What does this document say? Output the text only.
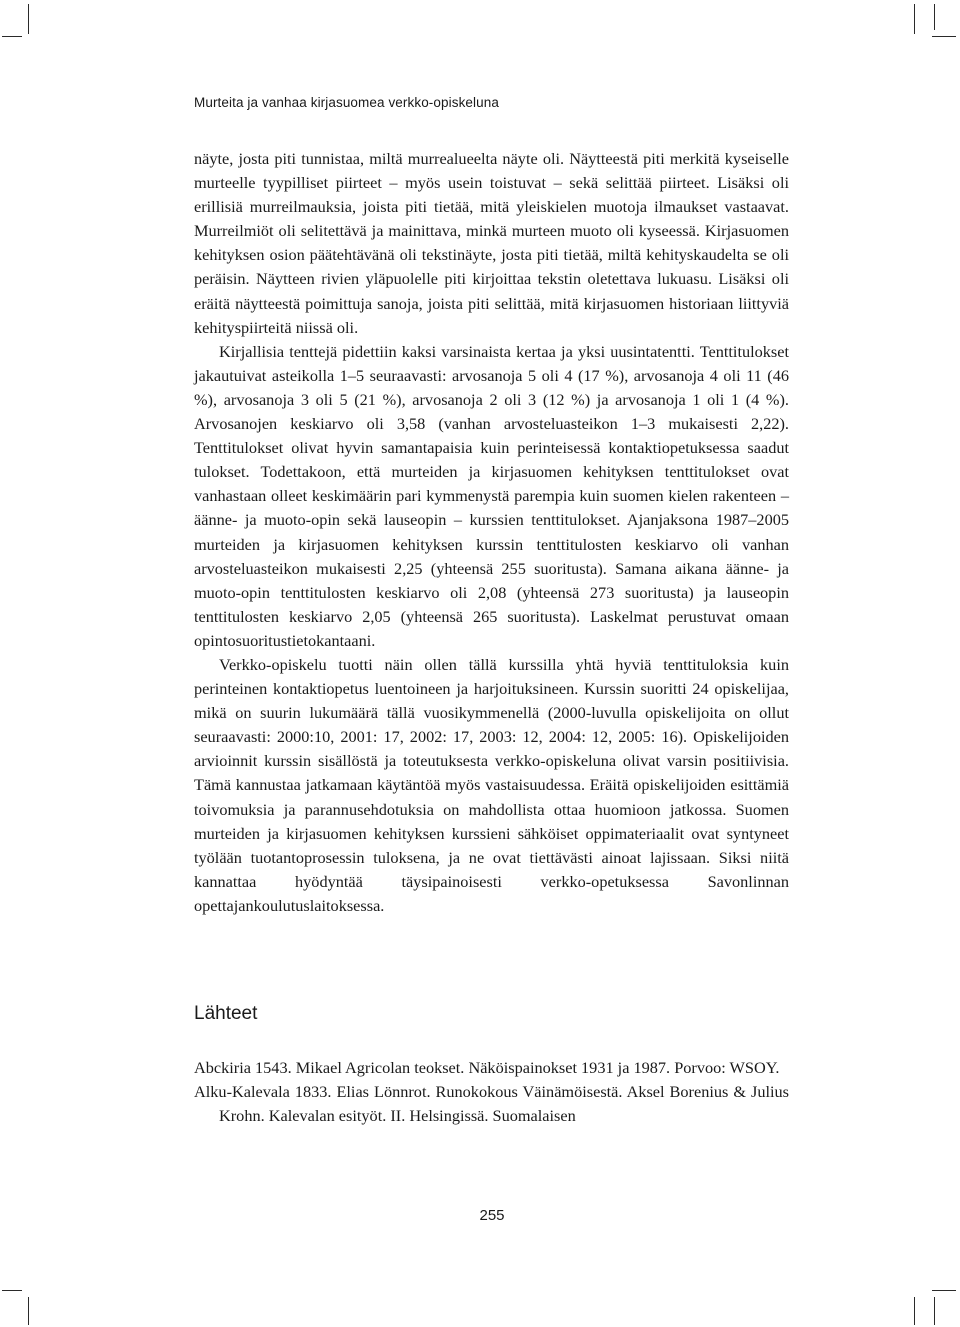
Murteita ja vanhaa kirjasuomea verkko-opiskeluna

näyte, josta piti tunnistaa, miltä murrealueelta näyte oli. Näytteestä piti merkitä kyseiselle murteelle tyypilliset piirteet – myös usein toistuvat – sekä selittää piirteet. Lisäksi oli erillisiä murreilmauksia, joista piti tietää, mitä yleiskielen muotoja ilmaukset vastaavat. Murreilmiöt oli selitettävä ja mainittava, minkä murteen muoto oli kyseessä. Kirjasuomen kehityksen osion päätehtävänä oli tekstinäyte, josta piti tietää, miltä kehityskaudelta se oli peräisin. Näytteen rivien yläpuolelle piti kirjoittaa tekstin oletettava lukuasu. Lisäksi oli eräitä näytteestä poimittuja sanoja, joista piti selittää, mitä kirjasuomen historiaan liittyviä kehityspiirteitä niissä oli.

Kirjallisia tenttejä pidettiin kaksi varsinaista kertaa ja yksi uusintatentti. Tenttitulokset jakautuivat asteikolla 1–5 seuraavasti: arvosanoja 5 oli 4 (17 %), arvosanoja 4 oli 11 (46 %), arvosanoja 3 oli 5 (21 %), arvosanoja 2 oli 3 (12 %) ja arvosanoja 1 oli 1 (4 %). Arvosanojen keskiarvo oli 3,58 (vanhan arvosteluasteikon 1–3 mukaisesti 2,22). Tenttitulokset olivat hyvin samantapaisia kuin perinteisessä kontaktiopetuksessa saadut tulokset. Todettakoon, että murteiden ja kirjasuomen kehityksen tenttitulokset ovat vanhastaan olleet keskimäärin pari kymmenystä parempia kuin suomen kielen rakenteen – äänne- ja muoto-opin sekä lauseopin – kurssien tenttitulokset. Ajanjaksona 1987–2005 murteiden ja kirjasuomen kehityksen kurssin tenttitulosten keskiarvo oli vanhan arvosteluasteikon mukaisesti 2,25 (yhteensä 255 suoritusta). Samana aikana äänne- ja muoto-opin tenttitulosten keskiarvo oli 2,08 (yhteensä 273 suoritusta) ja lauseopin tenttitulosten keskiarvo 2,05 (yhteensä 265 suoritusta). Laskelmat perustuvat omaan opintosuoritustietokantaani.

Verkko-opiskelu tuotti näin ollen tällä kurssilla yhtä hyviä tenttituloksia kuin perinteinen kontaktiopetus luentoineen ja harjoituksineen. Kurssin suoritti 24 opiskelijaa, mikä on suurin lukumäärä tällä vuosikymmenellä (2000-luvulla opiskelijoita on ollut seuraavasti: 2000:10, 2001: 17, 2002: 17, 2003: 12, 2004: 12, 2005: 16). Opiskelijoiden arvioinnit kurssin sisällöstä ja toteutuksesta verkko-opiskeluna olivat varsin positiivisia. Tämä kannustaa jatkamaan käytäntöä myös vastaisuudessa. Eräitä opiskelijoiden esittämiä toivomuksia ja parannusehdotuksia on mahdollista ottaa huomioon jatkossa. Suomen murteiden ja kirjasuomen kehityksen kurssieni sähköiset oppimateriaalit ovat syntyneet työlään tuotantoprosessin tuloksena, ja ne ovat tiettävästi ainoat lajissaan. Siksi niitä kannattaa hyödyntää täysipainoisesti verkko-opetuksessa Savonlinnan opettajankoulutuslaitoksessa.

Lähteet
Abckiria 1543. Mikael Agricolan teokset. Näköispainokset 1931 ja 1987. Porvoo: WSOY.
Alku-Kalevala 1833. Elias Lönnrot. Runokokous Väinämöisestä. Aksel Borenius & Julius Krohn. Kalevalan esityöt. II. Helsingissä. Suomalaisen
255
